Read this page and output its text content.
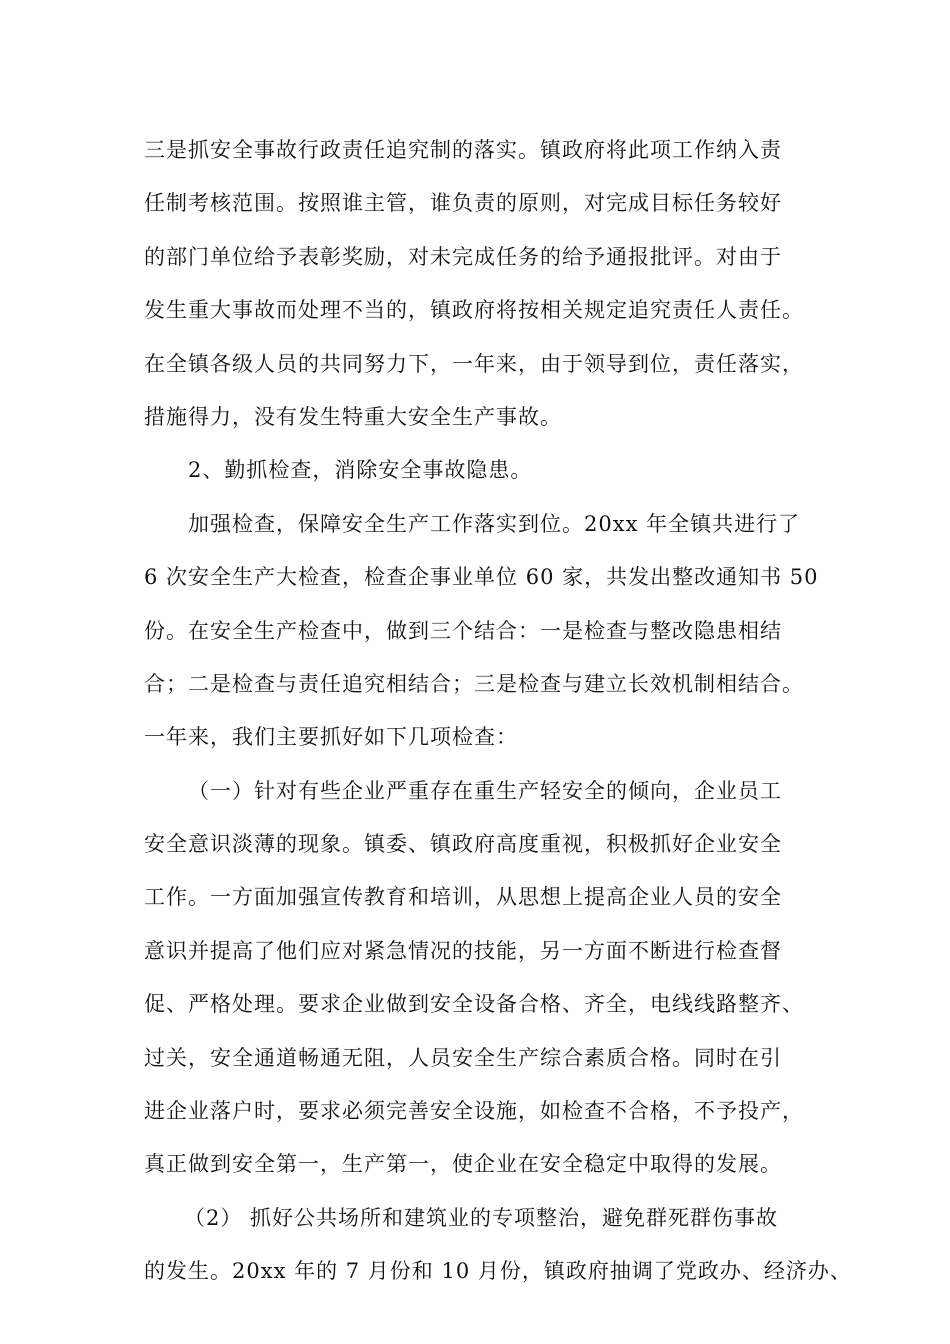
三是抓安全事故行政责任追究制的落实。镇政府将此项工作纳入责
任制考核范围。按照谁主管，谁负责的原则，对完成目标任务较好
的部门单位给予表彰奖励，对未完成任务的给予通报批评。对由于
发生重大事故而处理不当的，镇政府将按相关规定追究责任人责任。
在全镇各级人员的共同努力下，一年来，由于领导到位，责任落实，
措施得力，没有发生特重大安全生产事故。
2、勤抓检查，消除安全事故隐患。
加强检查，保障安全生产工作落实到位。20xx 年全镇共进行了
6 次安全生产大检查，检查企事业单位 60 家，共发出整改通知书 50
份。在安全生产检查中，做到三个结合：一是检查与整改隐患相结
合；二是检查与责任追究相结合；三是检查与建立长效机制相结合。
一年来，我们主要抓好如下几项检查：
（一）针对有些企业严重存在重生产轻安全的倾向，企业员工
安全意识淡薄的现象。镇委、镇政府高度重视，积极抓好企业安全
工作。一方面加强宣传教育和培训，从思想上提高企业人员的安全
意识并提高了他们应对紧急情况的技能，另一方面不断进行检查督
促、严格处理。要求企业做到安全设备合格、齐全，电线线路整齐、
过关，安全通道畅通无阻，人员安全生产综合素质合格。同时在引
进企业落户时，要求必须完善安全设施，如检查不合格，不予投产，
真正做到安全第一，生产第一，使企业在安全稳定中取得的发展。
（2） 抓好公共场所和建筑业的专项整治，避免群死群伤事故
的发生。20xx 年的 7 月份和 10 月份，镇政府抽调了党政办、经济办、
